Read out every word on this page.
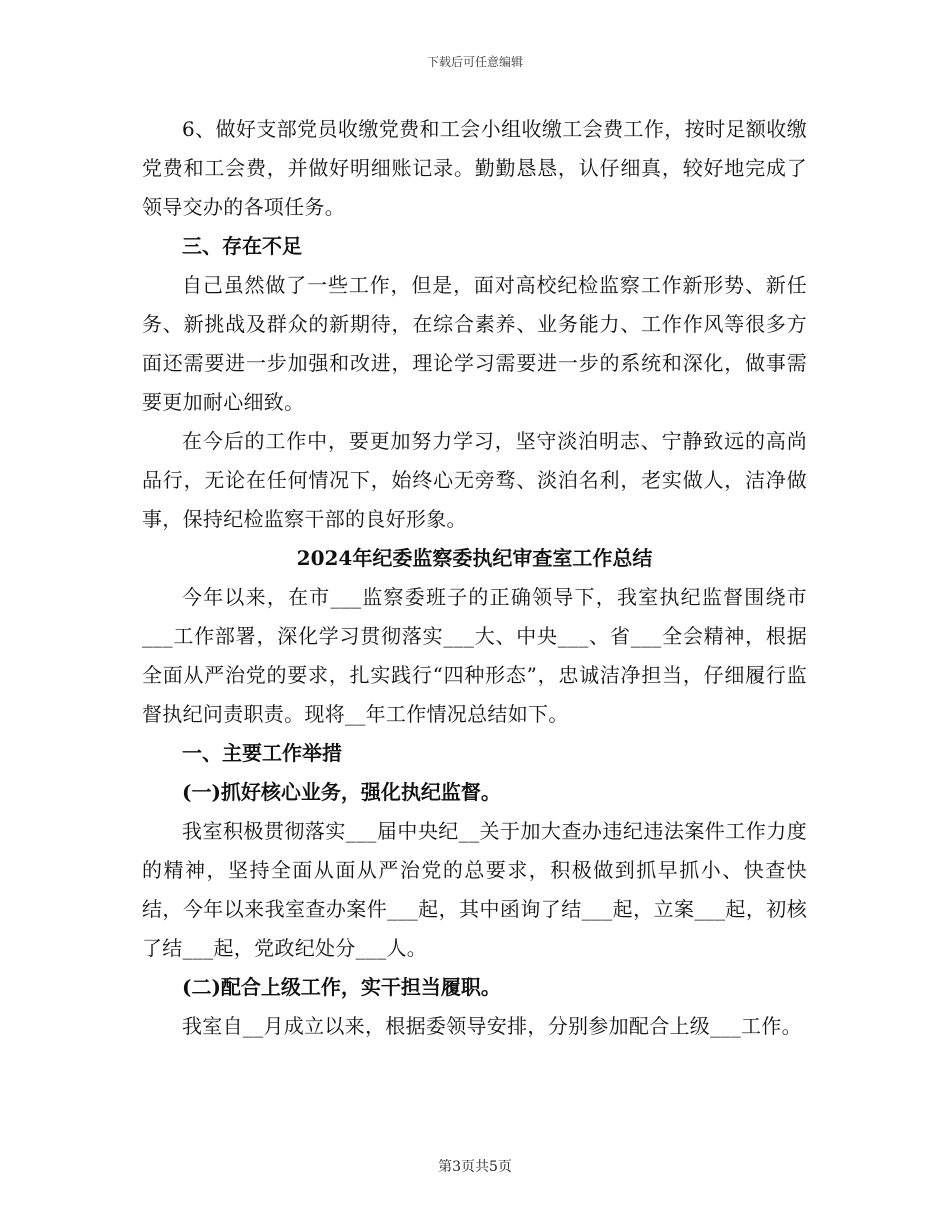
下载后可任意编辑

6、做好支部党员收缴党费和工会小组收缴工会费工作，按时足额收缴党费和工会费，并做好明细账记录。勤勤恳恳，认仔细真，较好地完成了领导交办的各项任务。

三、存在不足

自己虽然做了一些工作，但是，面对高校纪检监察工作新形势、新任务、新挑战及群众的新期待，在综合素养、业务能力、工作作风等很多方面还需要进一步加强和改进，理论学习需要进一步的系统和深化，做事需要更加耐心细致。

在今后的工作中，要更加努力学习，坚守淡泊明志、宁静致远的高尚品行，无论在任何情况下，始终心无旁骛、淡泊名利，老实做人，洁净做事，保持纪检监察干部的良好形象。

2024年纪委监察委执纪审查室工作总结

今年以来，在市___监察委班子的正确领导下，我室执纪监督围绕市___工作部署，深化学习贯彻落实___大、中央___、省___全会精神，根据全面从严治党的要求，扎实践行“四种形态”，忠诚洁净担当，仔细履行监督执纪问责职责。现将__年工作情况总结如下。

一、主要工作举措

(一)抓好核心业务，强化执纪监督。

我室积极贯彻落实___届中央纪__关于加大查办违纪违法案件工作力度的精神，坚持全面从面从严治党的总要求，积极做到抓早抓小、快查快结，今年以来我室查办案件___起，其中函询了结___起，立案___起，初核了结___起，党政纪处分___人。

(二)配合上级工作，实干担当履职。

我室自__月成立以来，根据委领导安排，分别参加配合上级___工作。

第3页共5页
